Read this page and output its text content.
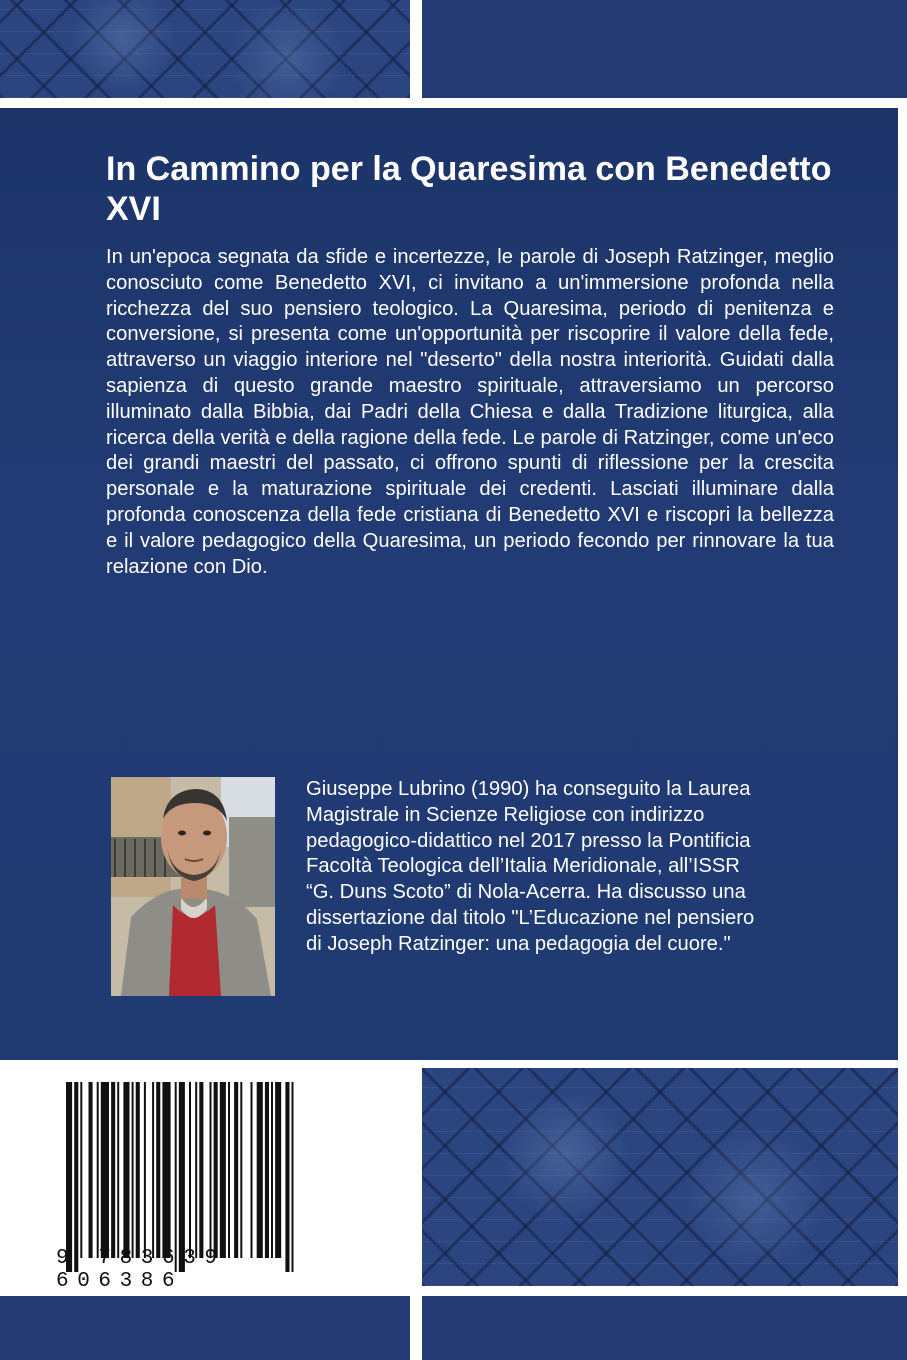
In Cammino per la Quaresima con Benedetto XVI

In un'epoca segnata da sfide e incertezze, le parole di Joseph Ratzinger, meglio conosciuto come Benedetto XVI, ci invitano a un'immersione profonda nella ricchezza del suo pensiero teologico. La Quaresima, periodo di penitenza e conversione, si presenta come un'opportunità per riscoprire il valore della fede, attraverso un viaggio interiore nel "deserto" della nostra interiorità. Guidati dalla sapienza di questo grande maestro spirituale, attraversiamo un percorso illuminato dalla Bibbia, dai Padri della Chiesa e dalla Tradizione liturgica, alla ricerca della verità e della ragione della fede. Le parole di Ratzinger, come un'eco dei grandi maestri del passato, ci offrono spunti di riflessione per la crescita personale e la maturazione spirituale dei credenti. Lasciati illuminare dalla profonda conoscenza della fede cristiana di Benedetto XVI e riscopri la bellezza e il valore pedagogico della Quaresima, un periodo fecondo per rinnovare la tua relazione con Dio.

Giuseppe Lubrino (1990) ha conseguito la Laurea
Magistrale in Scienze Religiose con indirizzo
pedagogico-didattico nel 2017 presso la Pontificia
Facoltà Teologica dell’Italia Meridionale, all’ISSR
“G. Duns Scoto” di Nola-Acerra. Ha discusso una
dissertazione dal titolo "L’Educazione nel pensiero
di Joseph Ratzinger: una pedagogia del cuore."
9 783639 606386
